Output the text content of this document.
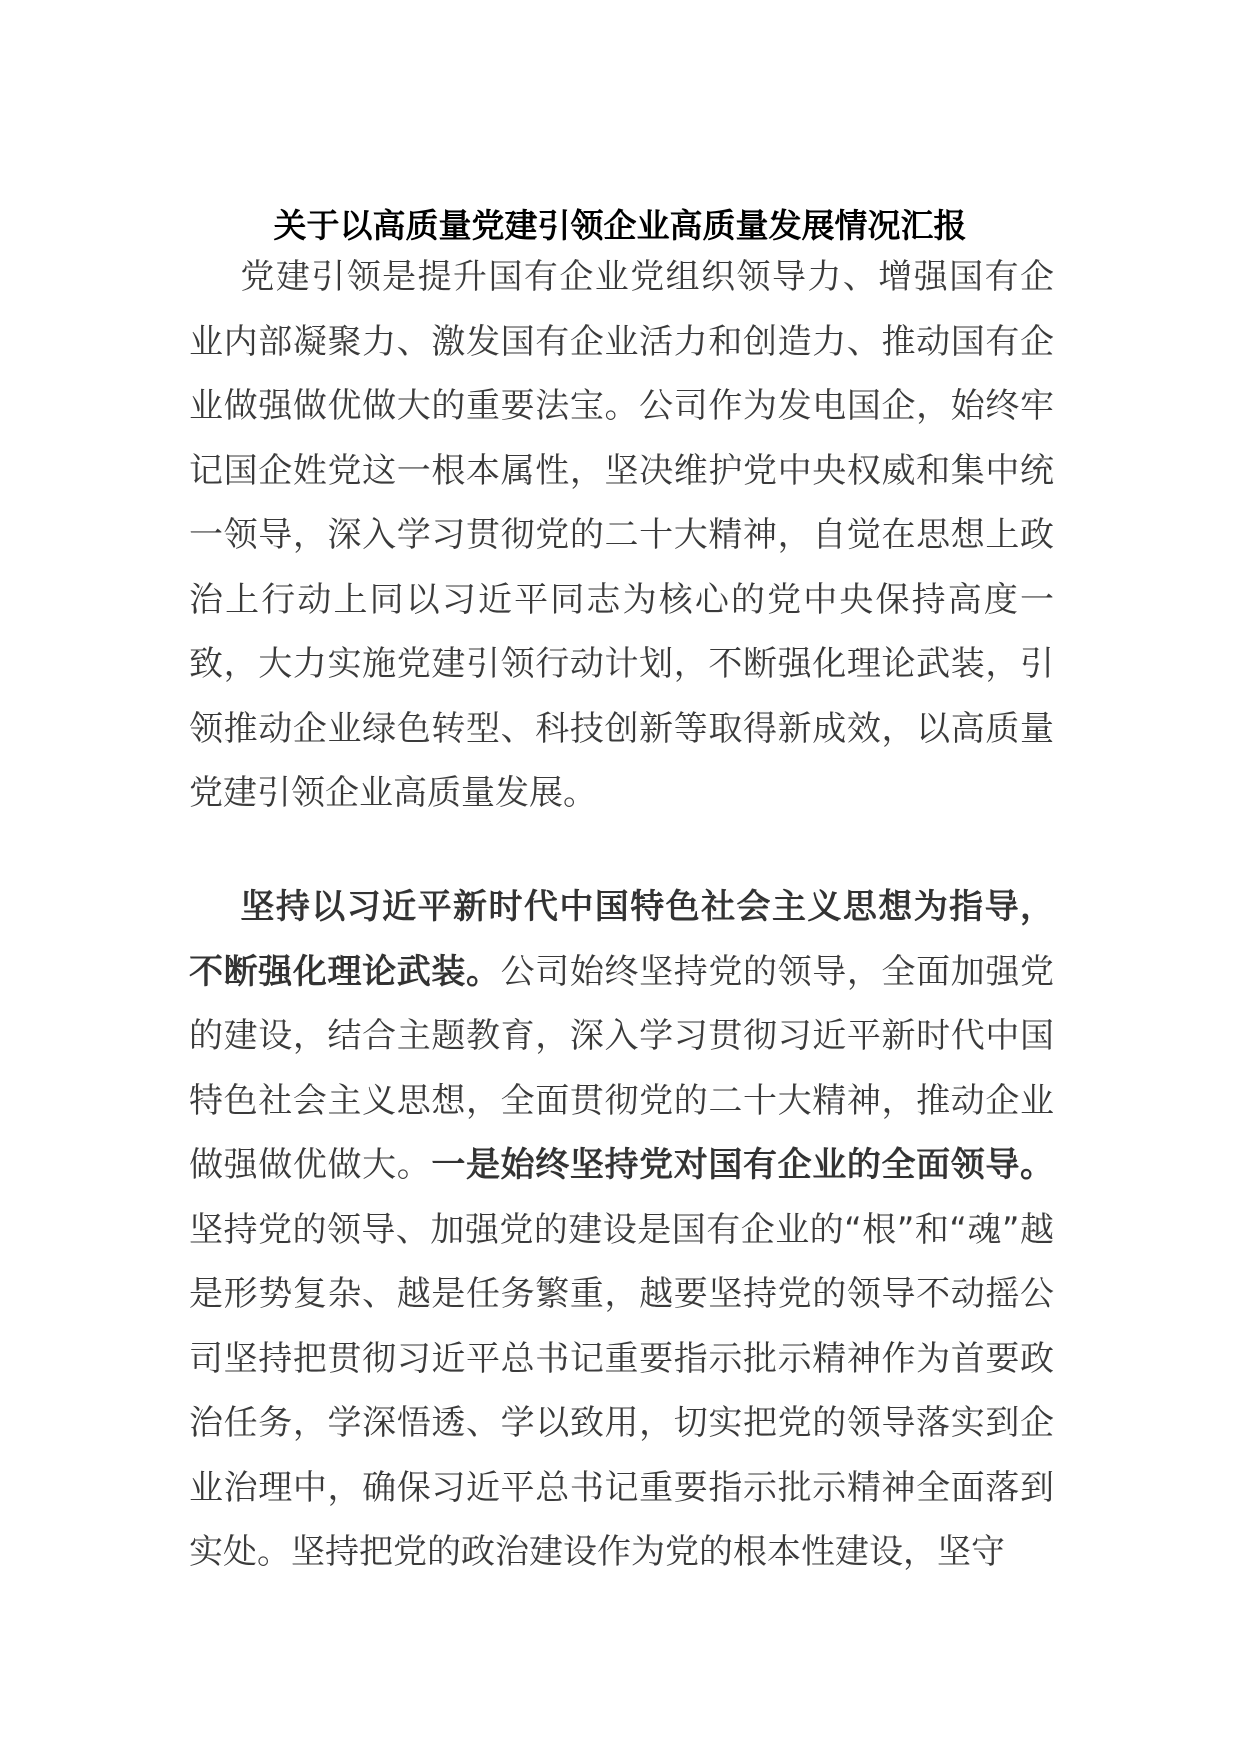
关于以高质量党建引领企业高质量发展情况汇报

党建引领是提升国有企业党组织领导力、增强国有企业内部凝聚力、激发国有企业活力和创造力、推动国有企业做强做优做大的重要法宝。公司作为发电国企，始终牢记国企姓党这一根本属性，坚决维护党中央权威和集中统一领导，深入学习贯彻党的二十大精神，自觉在思想上政治上行动上同以习近平同志为核心的党中央保持高度一致，大力实施党建引领行动计划，不断强化理论武装，引领推动企业绿色转型、科技创新等取得新成效，以高质量党建引领企业高质量发展。

坚持以习近平新时代中国特色社会主义思想为指导，不断强化理论武装。公司始终坚持党的领导，全面加强党的建设，结合主题教育，深入学习贯彻习近平新时代中国特色社会主义思想，全面贯彻党的二十大精神，推动企业做强做优做大。一是始终坚持党对国有企业的全面领导。坚持党的领导、加强党的建设是国有企业的“根”和“魂”越是形势复杂、越是任务繁重，越要坚持党的领导不动摇公司坚持把贯彻习近平总书记重要指示批示精神作为首要政治任务，学深悟透、学以致用，切实把党的领导落实到企业治理中，确保习近平总书记重要指示批示精神全面落到实处。坚持把党的政治建设作为党的根本性建设，坚守
